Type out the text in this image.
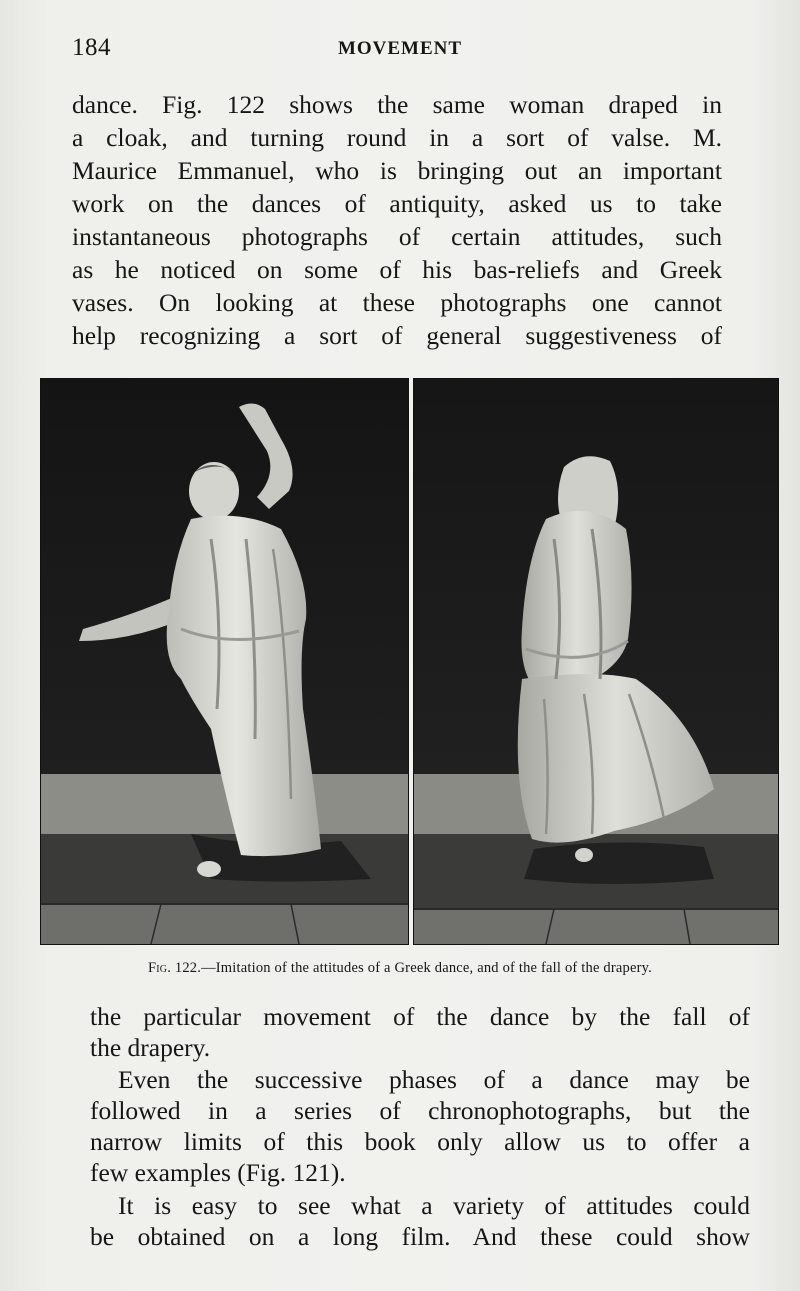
184	MOVEMENT

dance. Fig. 122 shows the same woman draped in
a cloak, and turning round in a sort of valse. M.
Maurice Emmanuel, who is bringing out an important
work on the dances of antiquity, asked us to take
instantaneous photographs of certain attitudes, such
as he noticed on some of his bas-reliefs and Greek
vases. On looking at these photographs one cannot
help recognizing a sort of general suggestiveness of

Fig. 122.—Imitation of the attitudes of a Greek dance, and of the fall of the drapery.

the particular movement of the dance by the fall of
the drapery.

Even the successive phases of a dance may be
followed in a series of chronophotographs, but the
narrow limits of this book only allow us to offer a
few examples (Fig. 121).

It is easy to see what a variety of attitudes could
be obtained on a long film. And these could show
